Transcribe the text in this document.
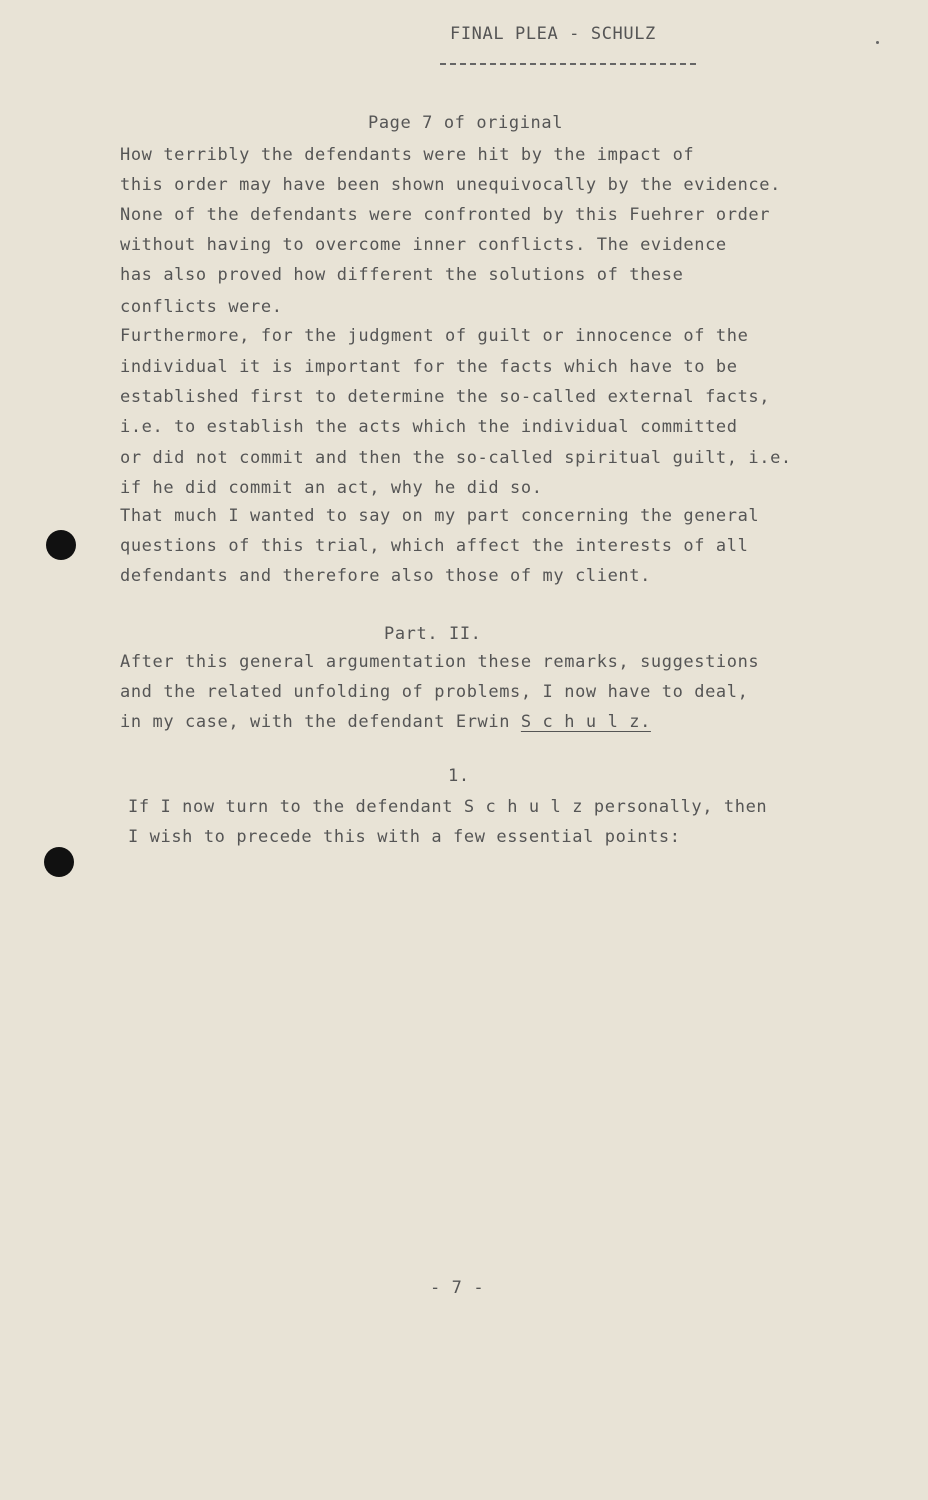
FINAL PLEA - SCHULZ
Page 7 of original
How terribly the defendants were hit by the impact of
this order may have been shown unequivocally by the evidence.
None of the defendants were confronted by this Fuehrer order
without having to overcome inner conflicts. The evidence
has also proved how different the solutions of these
conflicts were.
Furthermore, for the judgment of guilt or innocence of the
individual it is important for the facts which have to be
established first to determine the so-called external facts,
i.e. to establish the acts which the individual committed
or did not commit and then the so-called spiritual guilt, i.e.
if he did commit an act, why he did so.
That much I wanted to say on my part concerning the general
questions of this trial, which affect the interests of all
defendants and therefore also those of my client.
Part. II.
After this general argumentation these remarks, suggestions
and the related unfolding of problems, I now have to deal,
in my case, with the defendant Erwin S c h u l z.
1.
If I now turn to the defendant S c h u l z personally, then
I wish to precede this with a few essential points:
- 7 -
